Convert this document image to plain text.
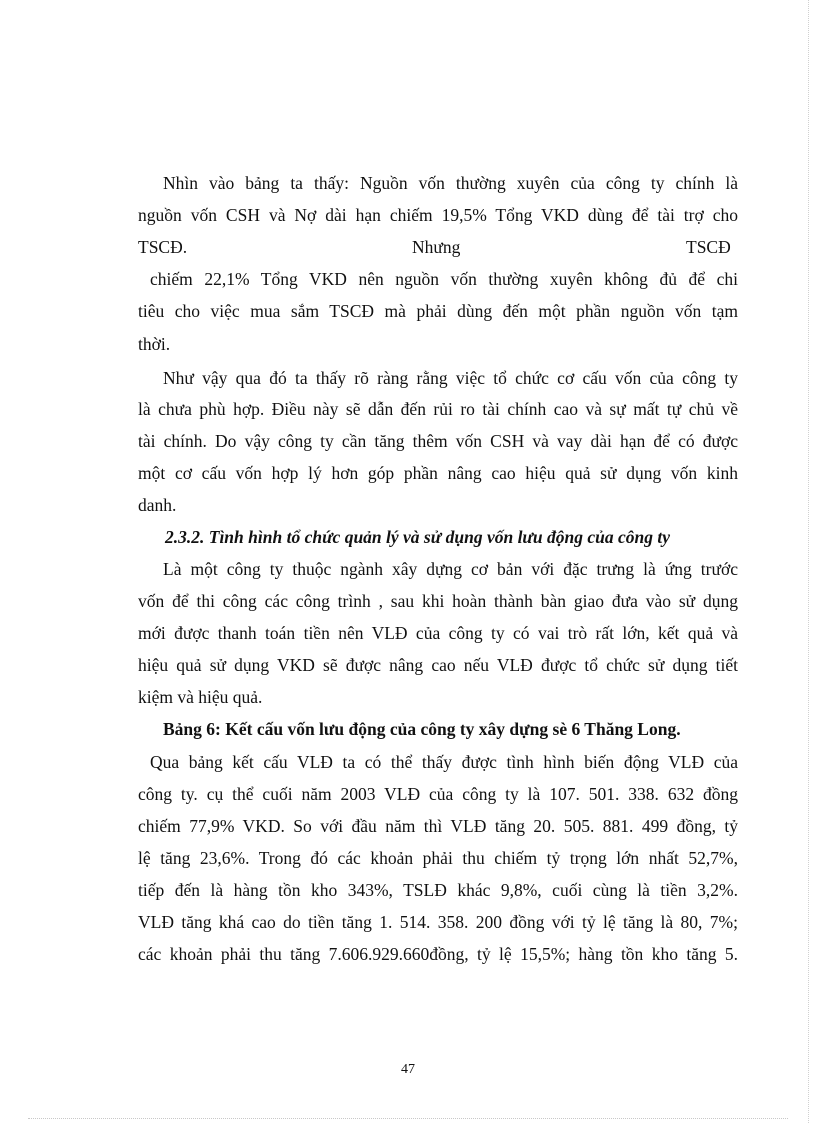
Nhìn vào bảng ta thấy: Nguồn vốn thường xuyên của công ty chính là
nguồn vốn CSH và Nợ dài hạn chiếm 19,5% Tổng VKD dùng để tài trợ cho
TSCĐ.	Nhưng	TSCĐ
chiếm 22,1% Tổng VKD nên nguồn vốn thường xuyên không đủ để chi
tiêu cho việc mua sắm TSCĐ mà phải dùng đến một phần nguồn vốn tạm
thời.
Như vậy qua đó ta thấy rõ ràng rằng việc tổ chức cơ cấu vốn của công ty
là chưa phù hợp. Điều này sẽ dẫn đến rủi ro tài chính cao và sự mất tự chủ về
tài chính. Do vậy công ty cần tăng thêm vốn CSH và vay dài hạn để có được
một cơ cấu vốn hợp lý hơn góp phần nâng cao hiệu quả sử dụng vốn kinh
danh.
2.3.2. Tình hình tổ chức quản lý và sử dụng vốn lưu động của công ty
Là một công ty thuộc ngành xây dựng cơ bản với đặc trưng là ứng trước
vốn để thi công các công trình , sau khi hoàn thành bàn giao đưa vào sử dụng
mới được thanh toán tiền nên VLĐ của công ty có vai trò rất lớn, kết quả và
hiệu quả sử dụng VKD sẽ được nâng cao nếu VLĐ được tổ chức sử dụng tiết
kiệm và hiệu quả.
Bảng 6: Kết cấu vốn lưu động của công ty xây dựng sè 6 Thăng Long.
Qua bảng kết cấu VLĐ ta có thể thấy được tình hình biến động VLĐ của
công ty. cụ thể cuối năm 2003 VLĐ của công ty là 107. 501. 338. 632 đồng
chiếm 77,9% VKD. So với đầu năm thì VLĐ tăng 20. 505. 881. 499 đồng, tỷ
lệ tăng 23,6%. Trong đó các khoản phải thu chiếm tỷ trọng lớn nhất 52,7%,
tiếp đến là hàng tồn kho 343%, TSLĐ khác 9,8%, cuối cùng là tiền 3,2%.
VLĐ tăng khá cao do tiền tăng 1. 514. 358. 200 đồng với tỷ lệ tăng là 80, 7%;
các khoản phải thu tăng 7.606.929.660đồng, tỷ lệ 15,5%; hàng tồn kho tăng 5.
47
